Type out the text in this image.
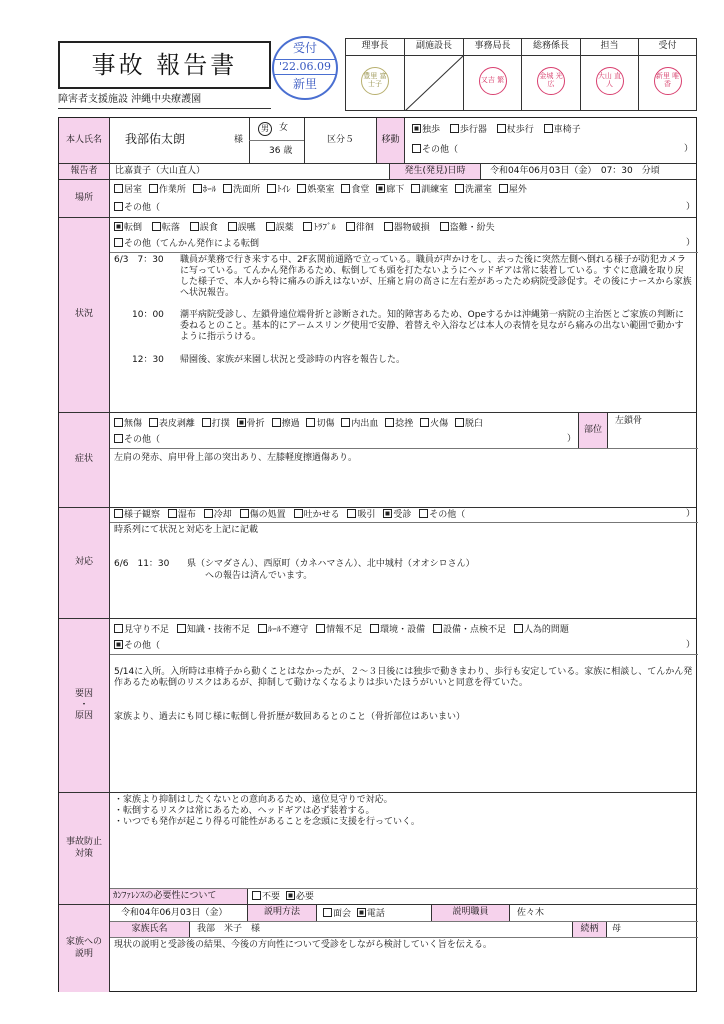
事故 報告書
障害者支援施設 沖縄中央療護園
受付
'22.06.09
新里
理事長
豊里 富士子
副施設長	事務局長
又吉 繁
総務係長
金城 光広
担当
大山 直人
受付
新里 唯香
本人氏名 我部佑太朗	様
男	女
36 歳
区分５	移動
独歩 歩行器 杖歩行 車椅子
その他（	）
報告者 比嘉貴子（大山直人）	発生(発見)日時	令和04年06月03日（金）　07：30　分頃
場所
居室 作業所 ﾎｰﾙ 洗面所 ﾄｲﾚ 娯楽室 食堂 廊下 訓練室 洗濯室 屋外
その他（	）
状況
転倒 転落 誤食 誤嚥 誤薬 ﾄﾗﾌﾞﾙ 徘徊 器物破損 盗難・紛失
その他（てんかん発作による転倒	）
6/3　7：30	職員が業務で行き来する中、2F玄関前通路で立っている。職員が声かけをし、去った後に突然左側へ倒れる様子が防犯カメラに写っている。てんかん発作あるため、転倒しても頭を打たないようにヘッドギアは常に装着している。すぐに意識を取り戻した様子で、本人から特に痛みの訴えはないが、圧痛と肩の高さに左右差があったため病院受診促す。その後にナースから家族へ状況報告。
10：00	潮平病院受診し、左鎖骨遠位端骨折と診断された。知的障害あるため、Opeするかは沖縄第一病院の主治医とご家族の判断に委ねるとのこと。基本的にアームスリング使用で安静、着替えや入浴などは本人の表情を見ながら痛みの出ない範囲で動かすように指示うける。
12：30	帰園後、家族が来園し状況と受診時の内容を報告した。
症状
無傷 表皮剥離 打撲 骨折 擦過 切傷 内出血 捻挫 火傷 脱臼
その他（	）
部位
左鎖骨
左肩の発赤、肩甲骨上部の突出あり、左膝軽度擦過傷あり。
対応
様子観察 湿布 冷却 傷の処置 吐かせる 吸引 受診 その他（	）
時系列にて状況と対応を上記に記載
6/6　11：30	県（シマダさん）、西原町（カネハマさん）、北中城村（オオシロさん）
への報告は済んでいます。
要因
・
原因
見守り不足 知識・技術不足 ﾙｰﾙ不遵守 情報不足 環境・設備 設備・点検不足 人為的問題
その他（	）
5/14に入所。入所時は車椅子から動くことはなかったが、２～３日後には独歩で動きまわり、歩行も安定している。家族に相談し、てんかん発作あるため転倒のリスクはあるが、抑制して動けなくなるよりは歩いたほうがいいと同意を得ていた。
家族より、過去にも同じ様に転倒し骨折歴が数回あるとのこと（骨折部位はあいまい）
事故防止対策
・家族より抑制はしたくないとの意向あるため、遠位見守りで対応。
・転倒するリスクは常にあるため、ヘッドギアは必ず装着する。
・いつでも発作が起こり得る可能性があることを念頭に支援を行っていく。
ｶﾝﾌｧﾚﾝｽの必要性について	不要 必要
家族への説明
令和04年06月03日（金）	説明方法	面会 電話	説明職員	佐々木
家族氏名	我部　米子　様	続柄	母
現状の説明と受診後の結果、今後の方向性について受診をしながら検討していく旨を伝える。
